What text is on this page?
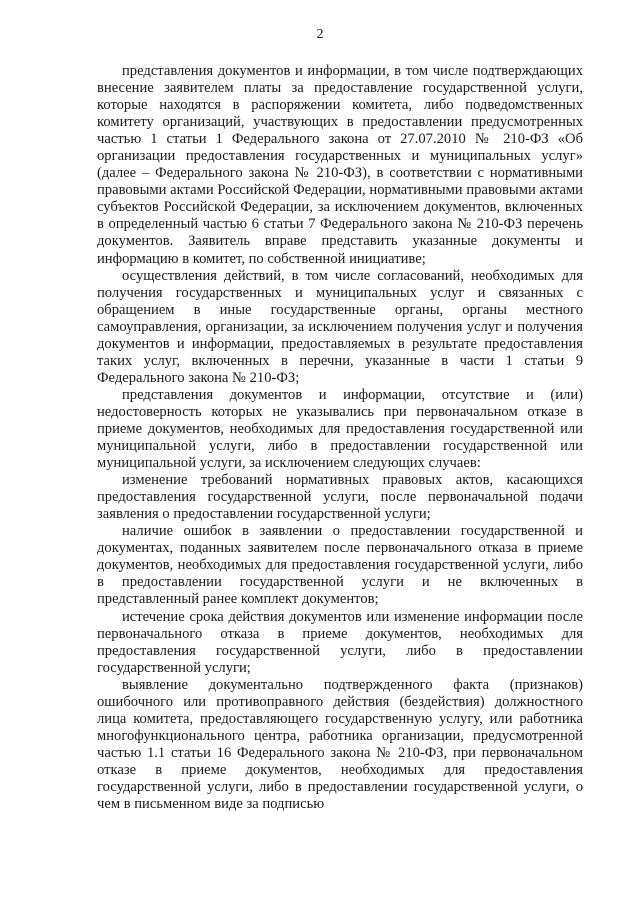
2

представления документов и информации, в том числе подтверждающих внесение заявителем платы за предоставление государственной услуги, которые находятся в распоряжении комитета, либо подведомственных комитету организаций, участвующих в предоставлении предусмотренных частью 1 статьи 1 Федерального закона от 27.07.2010 № 210-ФЗ «Об организации предоставления государственных и муниципальных услуг» (далее – Федерального закона № 210-ФЗ), в соответствии с нормативными правовыми актами Российской Федерации, нормативными правовыми актами субъектов Российской Федерации, за исключением документов, включенных в определенный частью 6 статьи 7 Федерального закона № 210-ФЗ перечень документов. Заявитель вправе представить указанные документы и информацию в комитет, по собственной инициативе;

осуществления действий, в том числе согласований, необходимых для получения государственных и муниципальных услуг и связанных с обращением в иные государственные органы, органы местного самоуправления, организации, за исключением получения услуг и получения документов и информации, предоставляемых в результате предоставления таких услуг, включенных в перечни, указанные в части 1 статьи 9 Федерального закона № 210-ФЗ;

представления документов и информации, отсутствие и (или) недостоверность которых не указывались при первоначальном отказе в приеме документов, необходимых для предоставления государственной или муниципальной услуги, либо в предоставлении государственной или муниципальной услуги, за исключением следующих случаев:

изменение требований нормативных правовых актов, касающихся предоставления государственной услуги, после первоначальной подачи заявления о предоставлении государственной услуги;

наличие ошибок в заявлении о предоставлении государственной и документах, поданных заявителем после первоначального отказа в приеме документов, необходимых для предоставления государственной услуги, либо в предоставлении государственной услуги и не включенных в представленный ранее комплект документов;

истечение срока действия документов или изменение информации после первоначального отказа в приеме документов, необходимых для предоставления государственной услуги, либо в предоставлении государственной услуги;

выявление документально подтвержденного факта (признаков) ошибочного или противоправного действия (бездействия) должностного лица комитета, предоставляющего государственную услугу, или работника многофункционального центра, работника организации, предусмотренной частью 1.1 статьи 16 Федерального закона № 210-ФЗ, при первоначальном отказе в приеме документов, необходимых для предоставления государственной услуги, либо в предоставлении государственной услуги, о чем в письменном виде за подписью
